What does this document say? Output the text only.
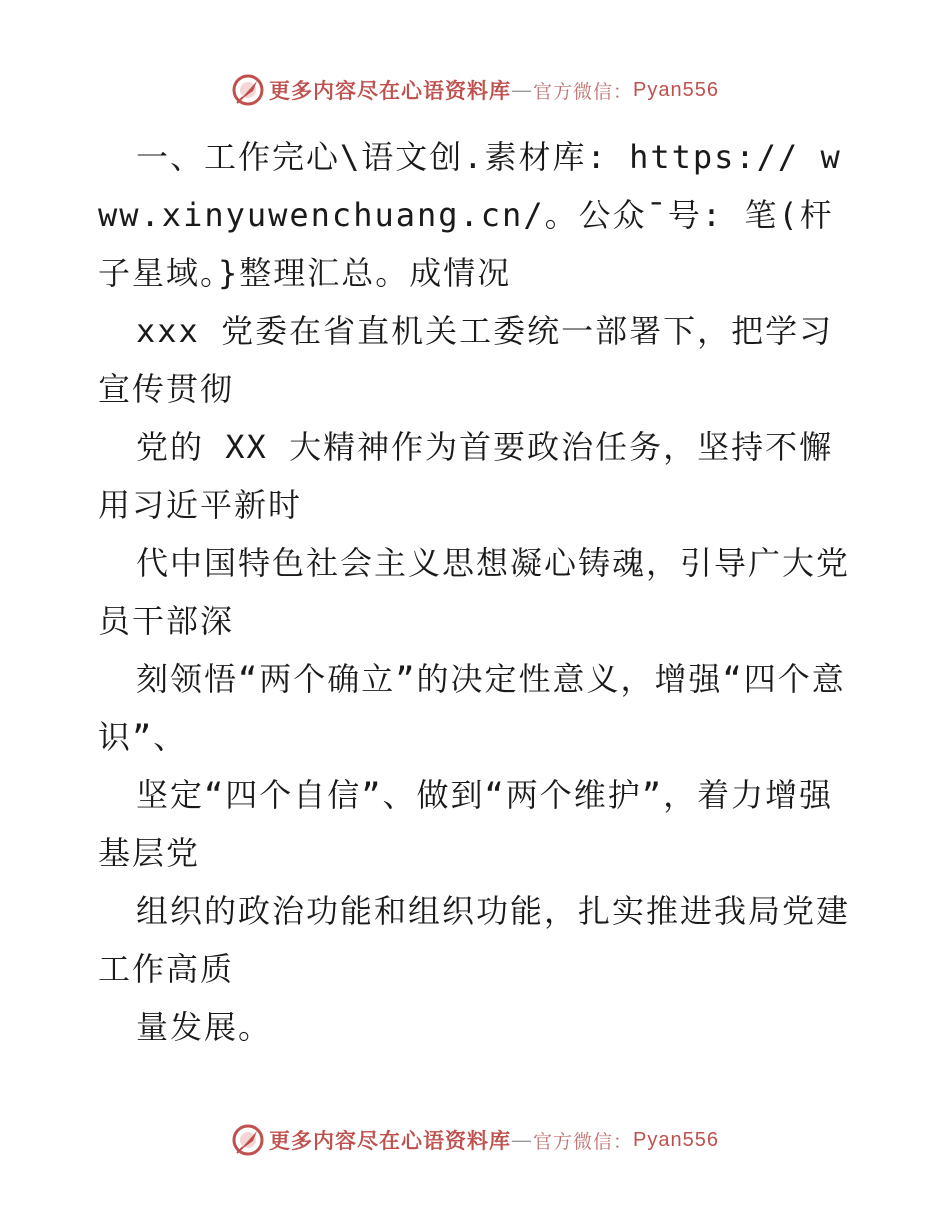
更多内容尽在心语资料库 — 官方微信： Pyan556

一、工作完心\语文创.素材库: https:// www.xinyuwenchuang.cn/。公众¯号: 笔(杆子星域。}整理汇总。成情况

xxx 党委在省直机关工委统一部署下，把学习宣传贯彻

党的 XX 大精神作为首要政治任务，坚持不懈用习近平新时

代中国特色社会主义思想凝心铸魂，引导广大党员干部深

刻领悟“两个确立”的决定性意义，增强“四个意识”、

坚定“四个自信”、做到“两个维护”，着力增强基层党

组织的政治功能和组织功能，扎实推进我局党建工作高质

量发展。

更多内容尽在心语资料库 — 官方微信： Pyan556
